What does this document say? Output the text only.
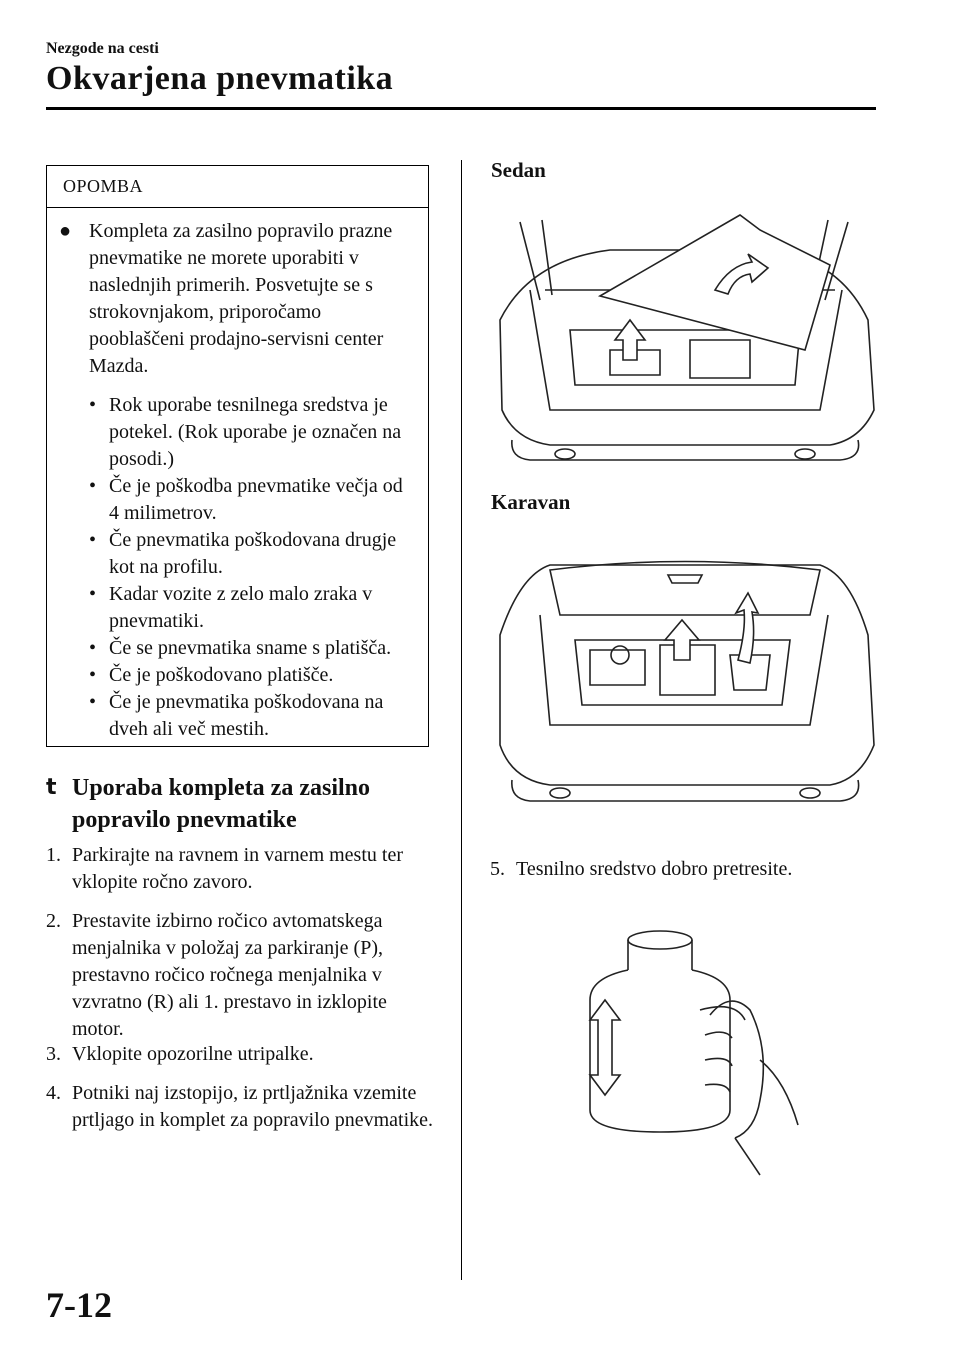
Nezgode na cesti
Okvarjena pnevmatika
OPOMBA
● Kompleta za zasilno popravilo prazne pnevmatike ne morete uporabiti v naslednjih primerih. Posvetujte se s strokovnjakom, priporočamo pooblaščeni prodajno-servisni center Mazda.
• Rok uporabe tesnilnega sredstva je potekel. (Rok uporabe je označen na posodi.)
• Če je poškodba pnevmatike večja od 4 milimetrov.
• Če pnevmatika poškodovana drugje kot na profilu.
• Kadar vozite z zelo malo zraka v pnevmatiki.
• Če se pnevmatika sname s platišča.
• Če je poškodovano platišče.
• Če je pnevmatika poškodovana na dveh ali več mestih.
t Uporaba kompleta za zasilno popravilo pnevmatike
1. Parkirajte na ravnem in varnem mestu ter vklopite ročno zavoro.
2. Prestavite izbirno ročico avtomatskega menjalnika v položaj za parkiranje (P), prestavno ročico ročnega menjalnika v vzvratno (R) ali 1. prestavo in izklopite motor.
3. Vklopite opozorilne utripalke.
4. Potniki naj izstopijo, iz prtljažnika vzemite prtljago in komplet za popravilo pnevmatike.
Sedan
Karavan
5. Tesnilno sredstvo dobro pretresite.
7-12
